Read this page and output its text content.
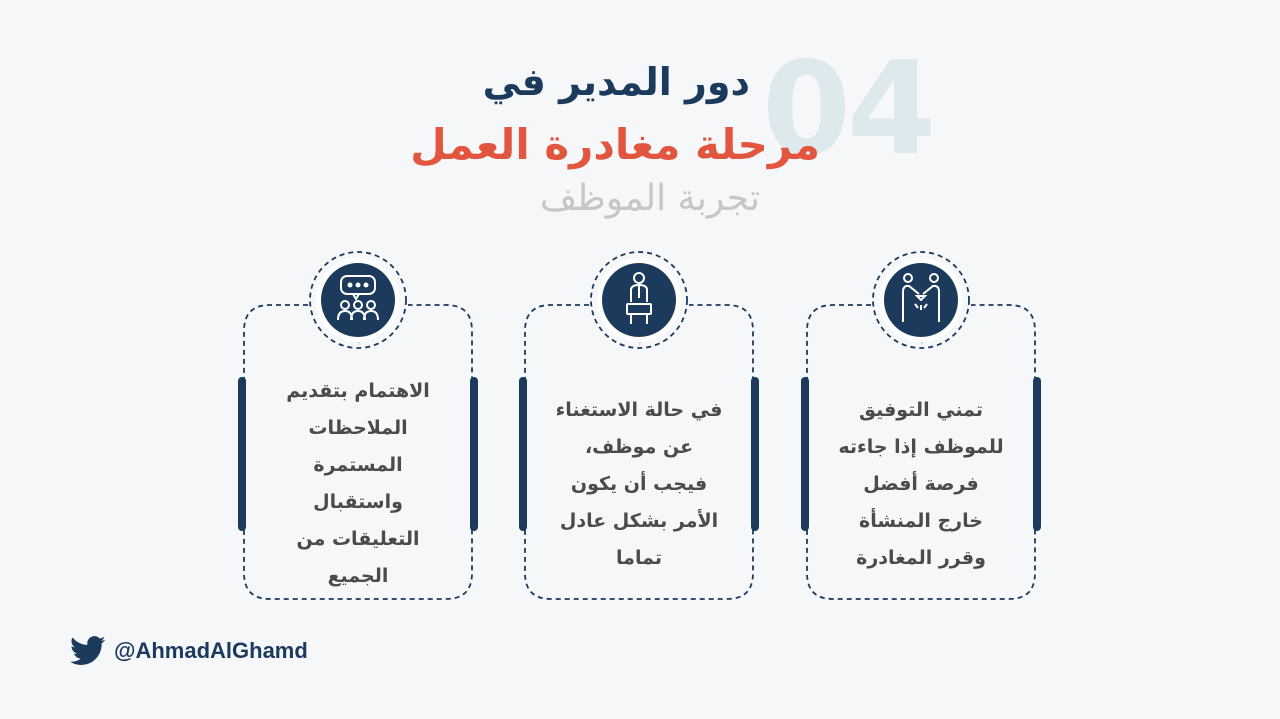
04
دور المدير في
مرحلة مغادرة العمل
تجربة الموظف
الاهتمام بتقديم
الملاحظات المستمرة
واستقبال
التعليقات من
الجميع
في حالة الاستغناء
عن موظف،
فيجب أن يكون
الأمر بشكل عادل
تماما
تمني التوفيق
للموظف إذا جاءته
فرصة أفضل
خارج المنشأة
وقرر المغادرة
@AhmadAlGhamd
